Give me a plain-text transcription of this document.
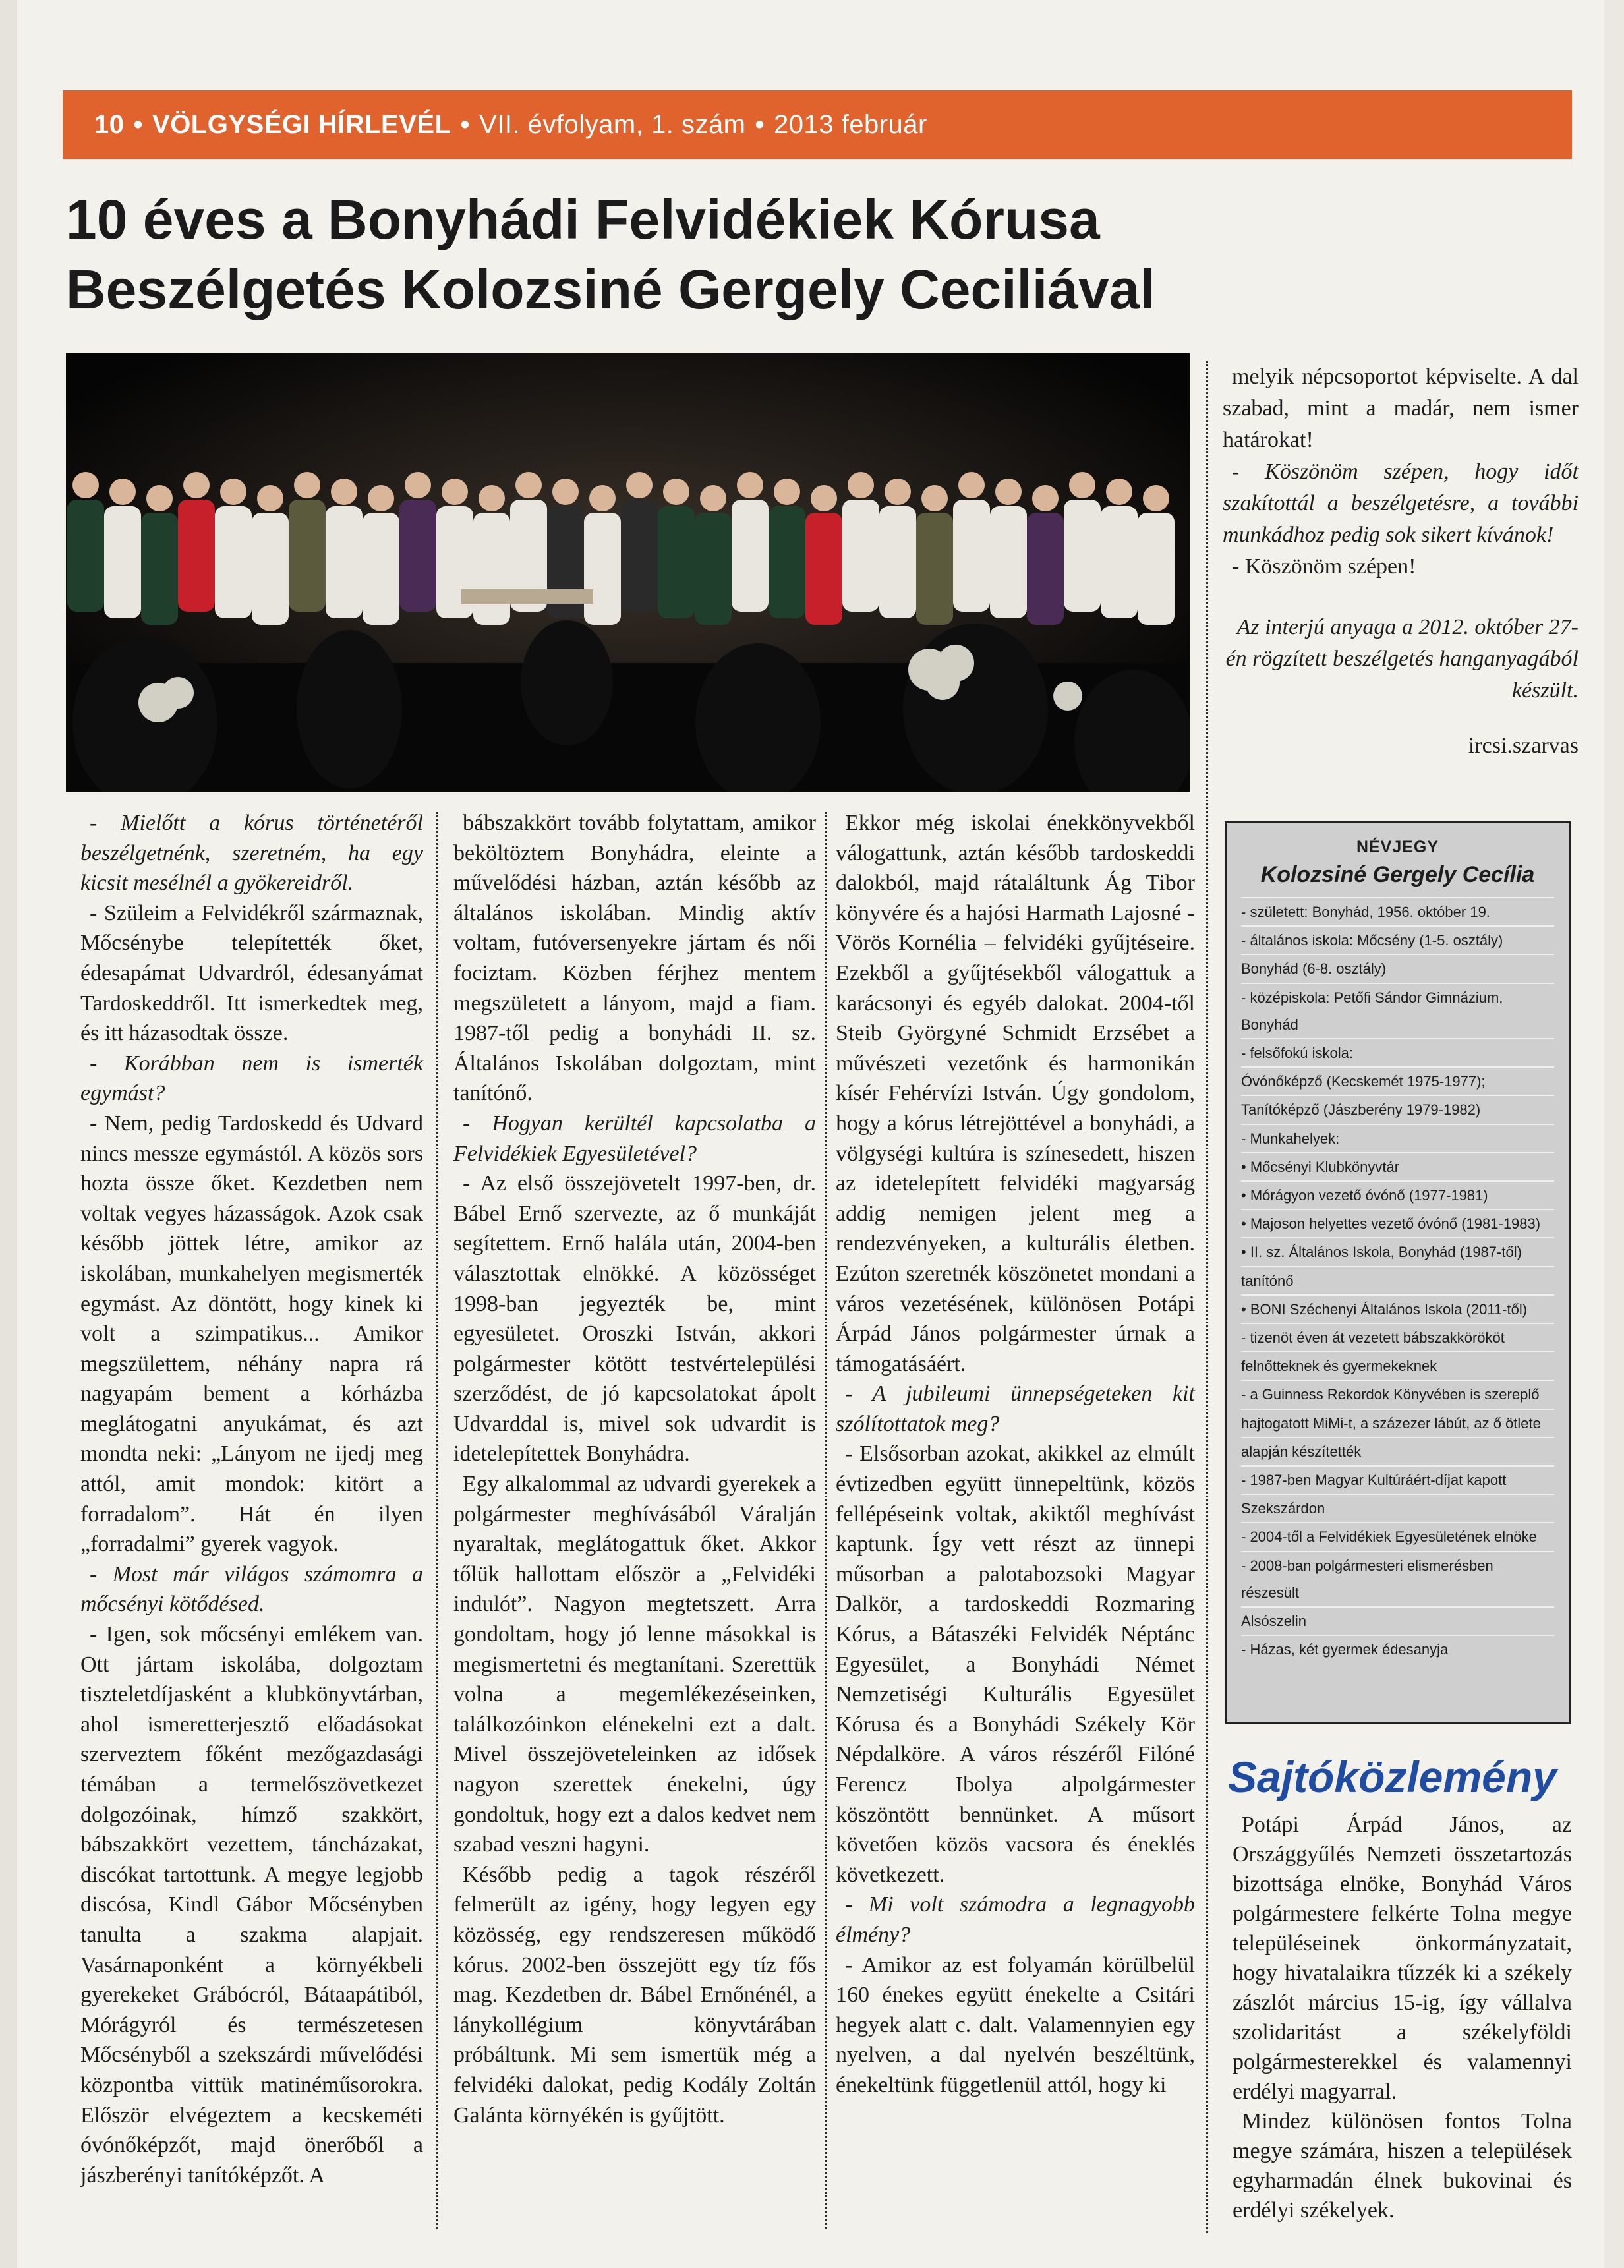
10 • VÖLGYSÉGI HÍRLEVÉL • VII. évfolyam, 1. szám • 2013 február
10 éves a Bonyhádi Felvidékiek Kórusa
Beszélgetés Kolozsiné Gergely Ceciliával

- Mielőtt a kórus történetéről beszélgetnénk, szeretném, ha egy kicsit mesélnél a gyökereidről.

- Szüleim a Felvidékről származnak, Mőcsénybe telepítették őket, édesapámat Udvardról, édesanyámat Tardoskeddről. Itt ismerkedtek meg, és itt házasodtak össze.

- Korábban nem is ismerték egymást?

- Nem, pedig Tardoskedd és Udvard nincs messze egymástól. A közös sors hozta össze őket. Kezdetben nem voltak vegyes házasságok. Azok csak később jöttek létre, amikor az iskolában, munkahelyen megismerték egymást. Az döntött, hogy kinek ki volt a szimpatikus... Amikor megszülettem, néhány napra rá nagyapám bement a kórházba meglátogatni anyukámat, és azt mondta neki: „Lányom ne ijedj meg attól, amit mondok: kitört a forradalom”. Hát én ilyen „forradalmi” gyerek vagyok.

- Most már világos számomra a mőcsényi kötődésed.

- Igen, sok mőcsényi emlékem van. Ott jártam iskolába, dolgoztam tiszteletdíjasként a klubkönyvtárban, ahol ismeretterjesztő előadásokat szerveztem főként mezőgazdasági témában a termelőszövetkezet dolgozóinak, hímző szakkört, bábszakkört vezettem, táncházakat, discókat tartottunk. A megye legjobb discósa, Kindl Gábor Mőcsényben tanulta a szakma alapjait. Vasárnaponként a környékbeli gyerekeket Grábócról, Bátaapátiból, Mórágyról és természetesen Mőcsényből a szekszárdi művelődési központba vittük matinéműsorokra. Először elvégeztem a kecskeméti óvónőképzőt, majd önerőből a jászberényi tanítóképzőt. A

bábszakkört tovább folytattam, amikor beköltöztem Bonyhádra, eleinte a művelődési házban, aztán később az általános iskolában. Mindig aktív voltam, futóversenyekre jártam és női fociztam. Közben férjhez mentem megszületett a lányom, majd a fiam. 1987-től pedig a bonyhádi II. sz. Általános Iskolában dolgoztam, mint tanítónő.

- Hogyan kerültél kapcsolatba a Felvidékiek Egyesületével?

- Az első összejövetelt 1997-ben, dr. Bábel Ernő szervezte, az ő munkáját segítettem. Ernő halála után, 2004-ben választottak elnökké. A közösséget 1998-ban jegyezték be, mint egyesületet. Oroszki István, akkori polgármester kötött testvértelepülési szerződést, de jó kapcsolatokat ápolt Udvarddal is, mivel sok udvardit is idetelepítettek Bonyhádra.

Egy alkalommal az udvardi gyerekek a polgármester meghívásából Váralján nyaraltak, meglátogattuk őket. Akkor tőlük hallottam először a „Felvidéki indulót”. Nagyon megtetszett. Arra gondoltam, hogy jó lenne másokkal is megismertetni és megtanítani. Szerettük volna a megemlékezéseinken, találkozóinkon elénekelni ezt a dalt. Mivel összejöveteleinken az idősek nagyon szerettek énekelni, úgy gondoltuk, hogy ezt a dalos kedvet nem szabad veszni hagyni.

Később pedig a tagok részéről felmerült az igény, hogy legyen egy közösség, egy rendszeresen működő kórus. 2002-ben összejött egy tíz fős mag. Kezdetben dr. Bábel Ernőnénél, a lánykollégium könyvtárában próbáltunk. Mi sem ismertük még a felvidéki dalokat, pedig Kodály Zoltán Galánta környékén is gyűjtött.

Ekkor még iskolai énekkönyvekből válogattunk, aztán később tardoskeddi dalokból, majd rátaláltunk Ág Tibor könyvére és a hajósi Harmath Lajosné - Vörös Kornélia – felvidéki gyűjtéseire. Ezekből a gyűjtésekből válogattuk a karácsonyi és egyéb dalokat. 2004-től Steib Györgyné Schmidt Erzsébet a művészeti vezetőnk és harmonikán kísér Fehérvízi István. Úgy gondolom, hogy a kórus létrejöttével a bonyhádi, a völgységi kultúra is színesedett, hiszen az idetelepített felvidéki magyarság addig nemigen jelent meg a rendezvényeken, a kulturális életben. Ezúton szeretnék köszönetet mondani a város vezetésének, különösen Potápi Árpád János polgármester úrnak a támogatásáért.

- A jubileumi ünnepségeteken kit szólítottatok meg?

- Elsősorban azokat, akikkel az elmúlt évtizedben együtt ünnepeltünk, közös fellépéseink voltak, akiktől meghívást kaptunk. Így vett részt az ünnepi műsorban a palotabozsoki Magyar Dalkör, a tardoskeddi Rozmaring Kórus, a Bátaszéki Felvidék Néptánc Egyesület, a Bonyhádi Német Nemzetiségi Kulturális Egyesület Kórusa és a Bonyhádi Székely Kör Népdalköre. A város részéről Filóné Ferencz Ibolya alpolgármester köszöntött bennünket. A műsort követően közös vacsora és éneklés következett.

- Mi volt számodra a legnagyobb élmény?

- Amikor az est folyamán körülbelül 160 énekes együtt énekelte a Csitári hegyek alatt c. dalt. Valamennyien egy nyelven, a dal nyelvén beszéltünk, énekeltünk függetlenül attól, hogy ki

melyik népcsoportot képviselte. A dal szabad, mint a madár, nem ismer határokat!

- Köszönöm szépen, hogy időt szakítottál a beszélgetésre, a további munkádhoz pedig sok sikert kívánok!

- Köszönöm szépen!

Az interjú anyaga a 2012. október 27-én rögzített beszélgetés hanganyagából készült.
ircsi.szarvas
NÉVJEGY
Kolozsiné Gergely Cecília
- született: Bonyhád, 1956. október 19.
- általános iskola: Mőcsény (1-5. osztály)
Bonyhád (6-8. osztály)
- középiskola: Petőfi Sándor Gimnázium, Bonyhád
- felsőfokú iskola:
Óvónőképző (Kecskemét 1975-1977);
Tanítóképző (Jászberény 1979-1982)
- Munkahelyek:
• Mőcsényi Klubkönyvtár
• Mórágyon vezető óvónő (1977-1981)
• Majoson helyettes vezető óvónő (1981-1983)
• II. sz. Általános Iskola, Bonyhád (1987-től)
tanítónő
• BONI Széchenyi Általános Iskola (2011-től)
- tizenöt éven át vezetett bábszakkörököt
felnőtteknek és gyermekeknek
- a Guinness Rekordok Könyvében is szereplő
hajtogatott MiMi-t, a százezer lábút, az ő ötlete
alapján készítették
- 1987-ben Magyar Kultúráért-díjat kapott
Szekszárdon
- 2004-től a Felvidékiek Egyesületének elnöke
- 2008-ban polgármesteri elismerésben részesült
Alsószelin
- Házas, két gyermek édesanyja
Sajtóközlemény

Potápi Árpád János, az Országgyűlés Nemzeti összetartozás bizottsága elnöke, Bonyhád Város polgármestere felkérte Tolna megye településeinek önkormányzatait, hogy hivatalaikra tűzzék ki a székely zászlót március 15-ig, így vállalva szolidaritást a székelyföldi polgármesterekkel és valamennyi erdélyi magyarral.

Mindez különösen fontos Tolna megye számára, hiszen a települések egyharmadán élnek bukovinai és erdélyi székelyek.
